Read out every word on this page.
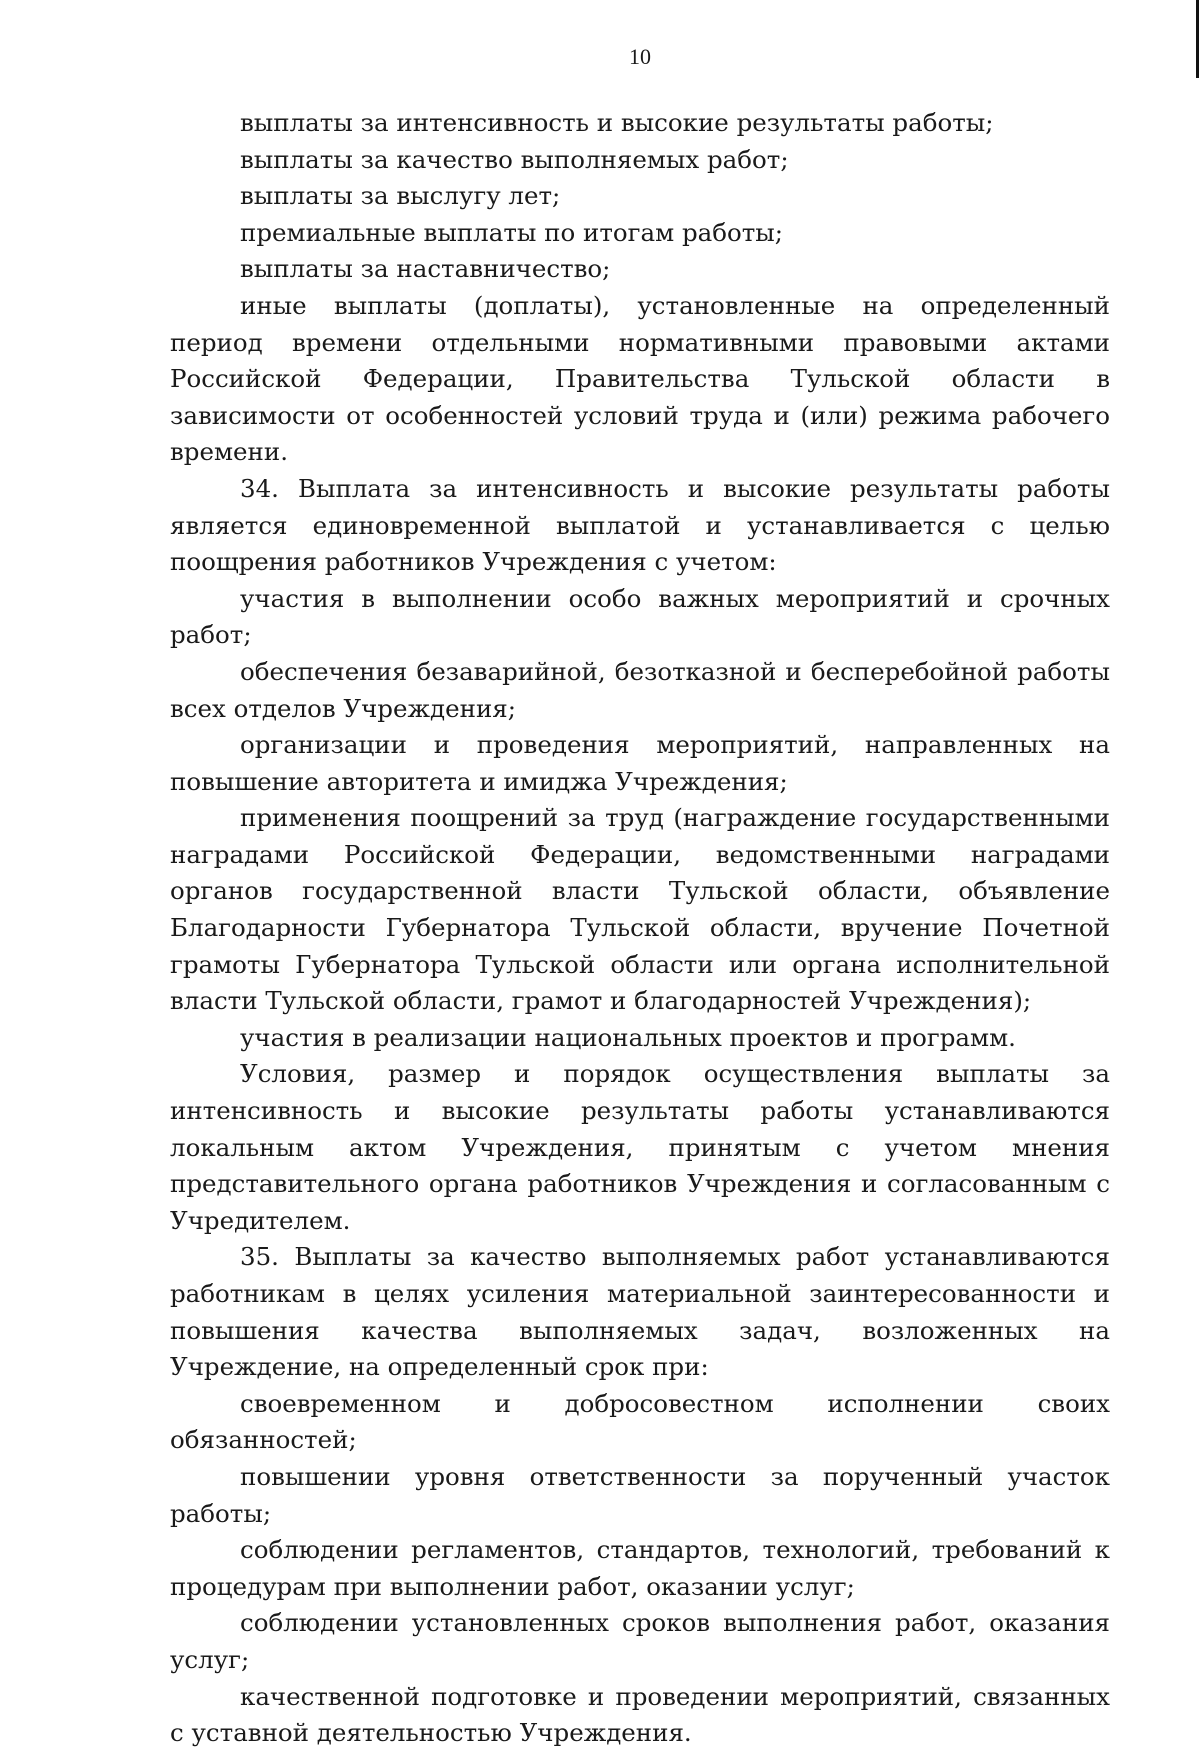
10

выплаты за интенсивность и высокие результаты работы;

выплаты за качество выполняемых работ;

выплаты за выслугу лет;

премиальные выплаты по итогам работы;

выплаты за наставничество;

иные выплаты (доплаты), установленные на определенный период времени отдельными нормативными правовыми актами Российской Федерации, Правительства Тульской области в зависимости от особенностей условий труда и (или) режима рабочего времени.

34. Выплата за интенсивность и высокие результаты работы является единовременной выплатой и устанавливается с целью поощрения работников Учреждения с учетом:

участия в выполнении особо важных мероприятий и срочных работ;

обеспечения безаварийной, безотказной и бесперебойной работы всех отделов Учреждения;

организации и проведения мероприятий, направленных на повышение авторитета и имиджа Учреждения;

применения поощрений за труд (награждение государственными наградами Российской Федерации, ведомственными наградами органов государственной власти Тульской области, объявление Благодарности Губернатора Тульской области, вручение Почетной грамоты Губернатора Тульской области или органа исполнительной власти Тульской области, грамот и благодарностей Учреждения);

участия в реализации национальных проектов и программ.

Условия, размер и порядок осуществления выплаты за интенсивность и высокие результаты работы устанавливаются локальным актом Учреждения, принятым с учетом мнения представительного органа работников Учреждения и согласованным с Учредителем.

35. Выплаты за качество выполняемых работ устанавливаются работникам в целях усиления материальной заинтересованности и повышения качества выполняемых задач, возложенных на Учреждение, на определенный срок при:

своевременном и добросовестном исполнении своих обязанностей;

повышении уровня ответственности за порученный участок работы;

соблюдении регламентов, стандартов, технологий, требований к процедурам при выполнении работ, оказании услуг;

соблюдении установленных сроков выполнения работ, оказания услуг;

качественной подготовке и проведении мероприятий, связанных с уставной деятельностью Учреждения.
